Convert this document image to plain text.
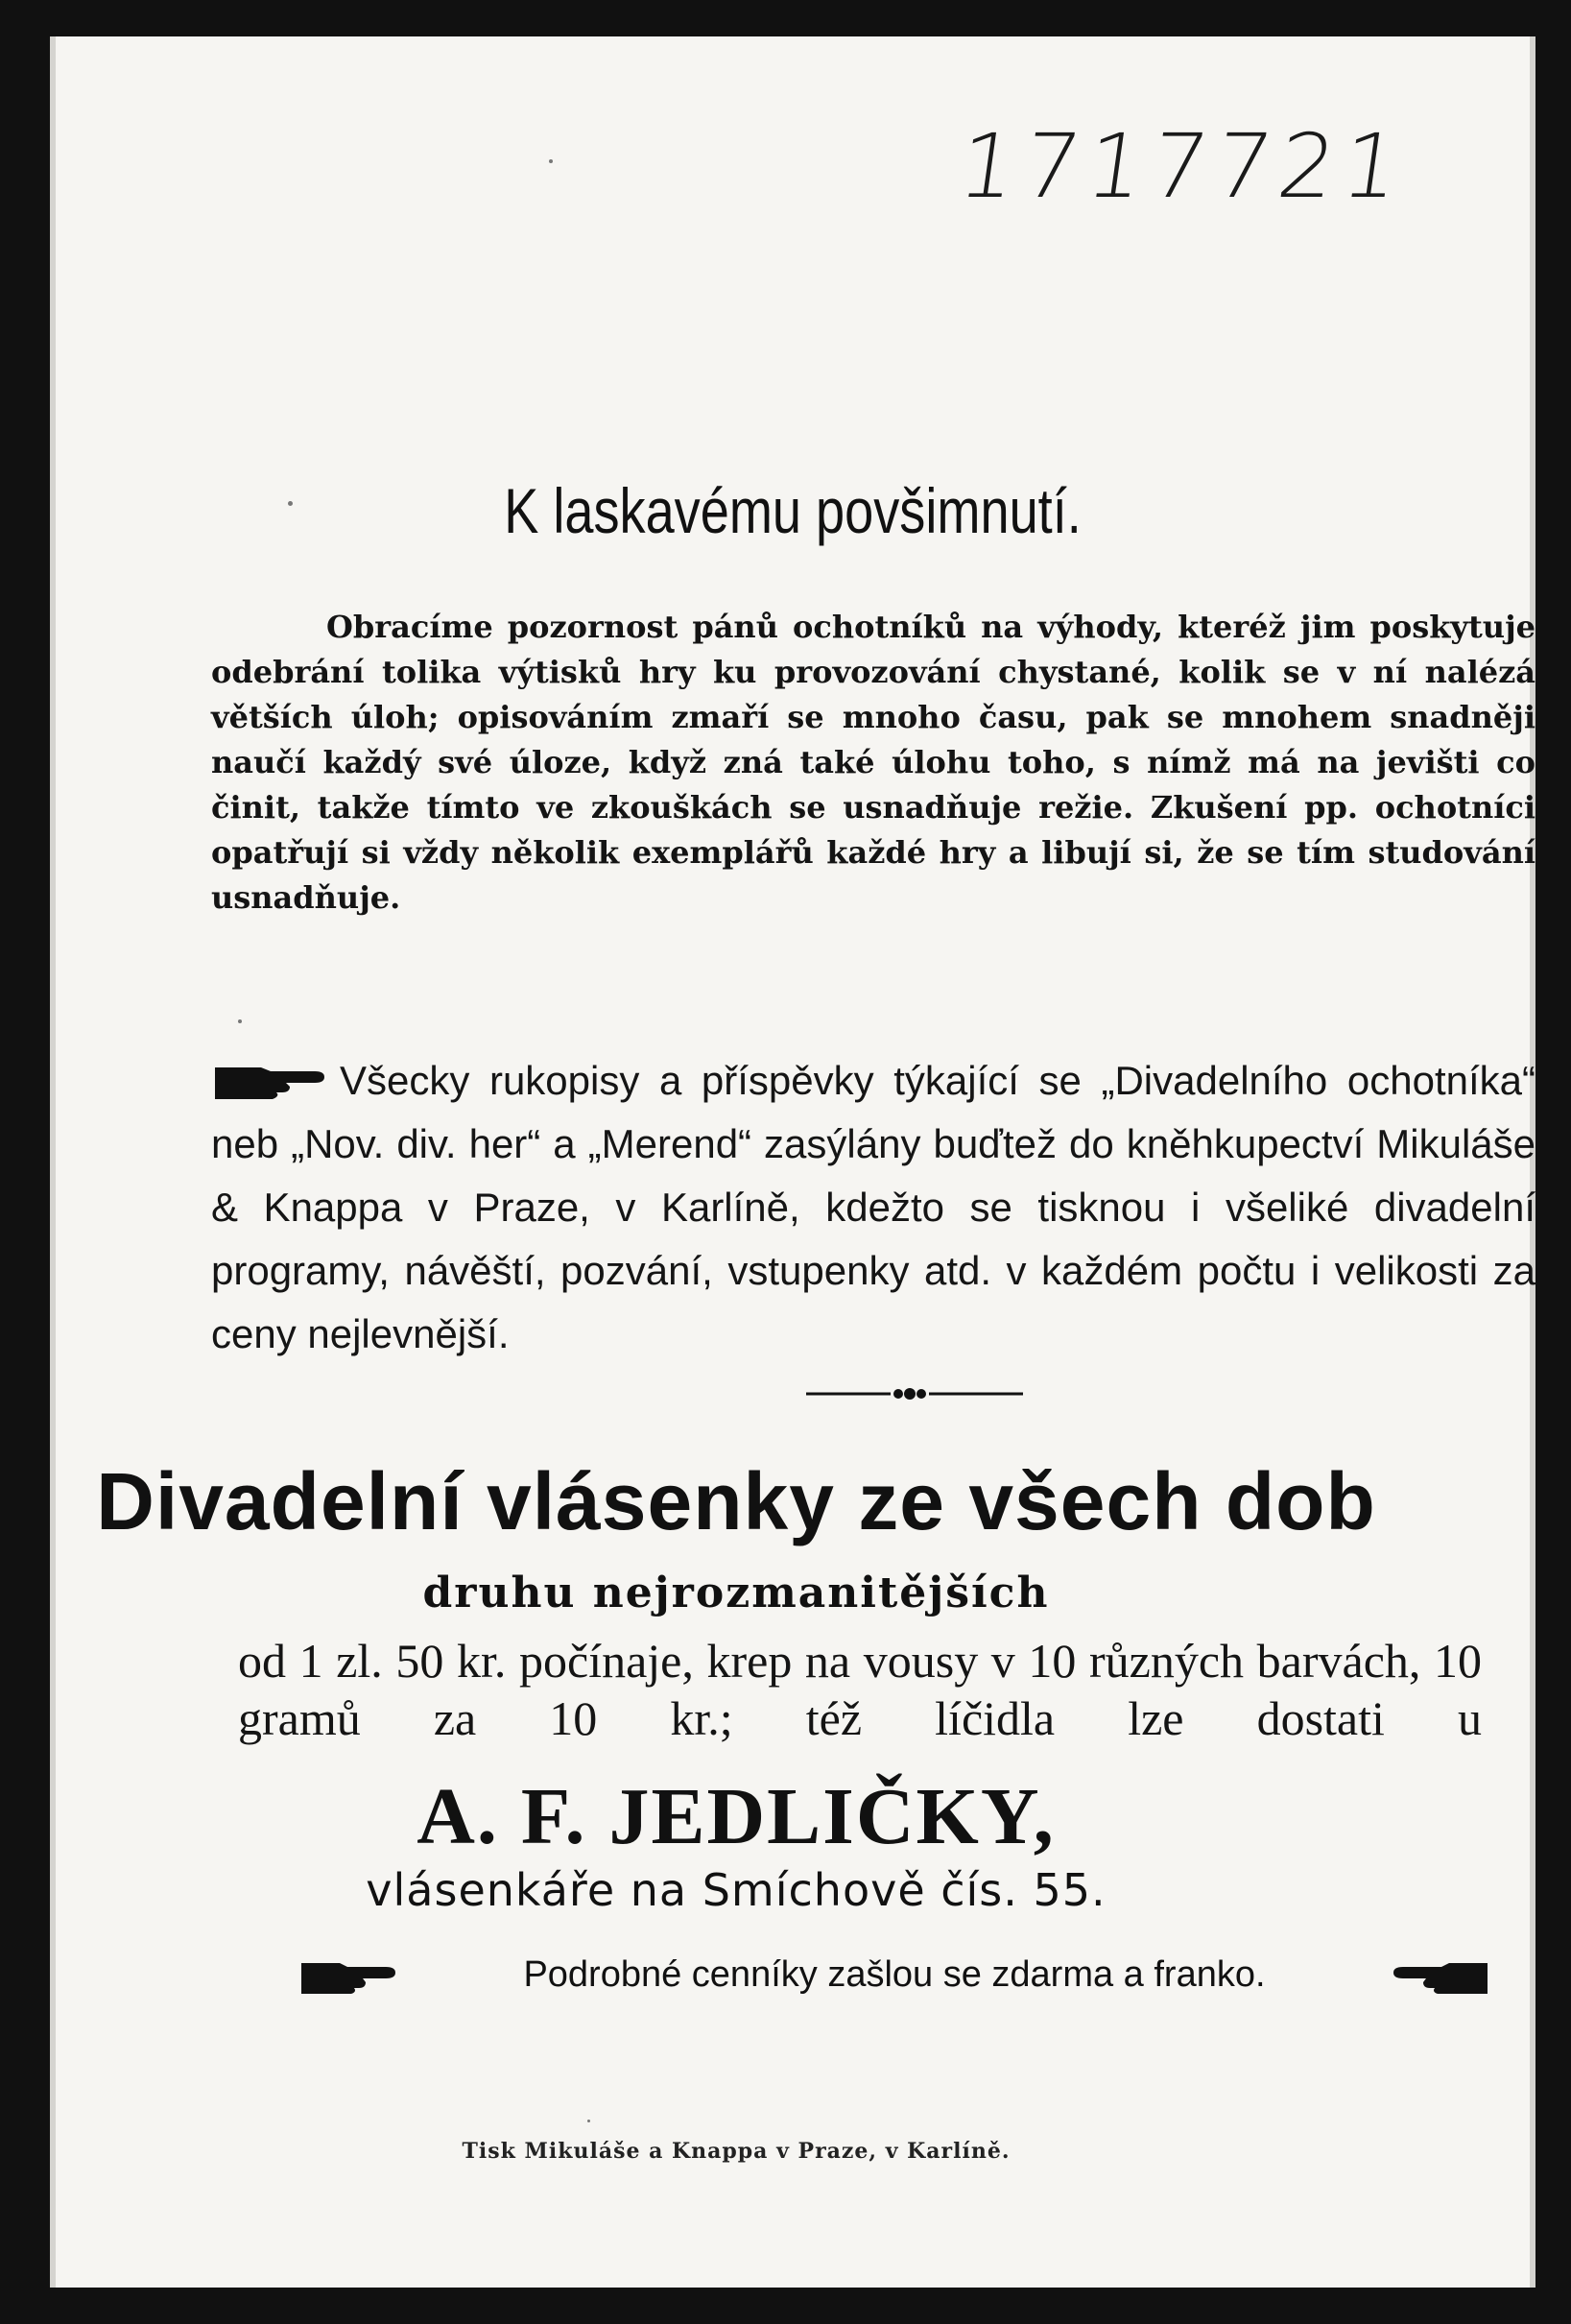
1717721
K laskavému povšimnutí.

Obracíme pozornost pánů ochotníků na výhody, kteréž jim poskytuje odebrání tolika výtisků hry ku provozování chystané, kolik se v ní nalézá větších úloh; opisováním zmaří se mnoho času, pak se mnohem snadněji naučí každý své úloze, když zná také úlohu toho, s nímž má na jevišti co činit, takže tímto ve zkouškách se usnadňuje režie. Zkušení pp. ochotníci opatřují si vždy několik exemplářů každé hry a libují si, že se tím studování usnadňuje.

Všecky rukopisy a příspěvky týkající se „Divadelního ochotníka“ neb „Nov. div. her“ a „Merend“ zasýlány buďtež do kněhkupectví Mikuláše & Knappa v Praze, v Karlíně, kdežto se tisknou i všeliké divadelní programy, návěští, pozvání, vstupenky atd. v každém počtu i velikosti za ceny nejlevnější.
Divadelní vlásenky ze všech dob
druhu nejrozmanitějších
od 1 zl. 50 kr. počínaje, krep na vousy v 10 různých barvách, 10 gramů za 10 kr.; též líčidla lze dostati u
A. F. JEDLIČKY,
vlásenkáře na Smíchově čís. 55.
Podrobné cenníky zašlou se zdarma a franko.
Tisk Mikuláše a Knappa v Praze, v Karlíně.
